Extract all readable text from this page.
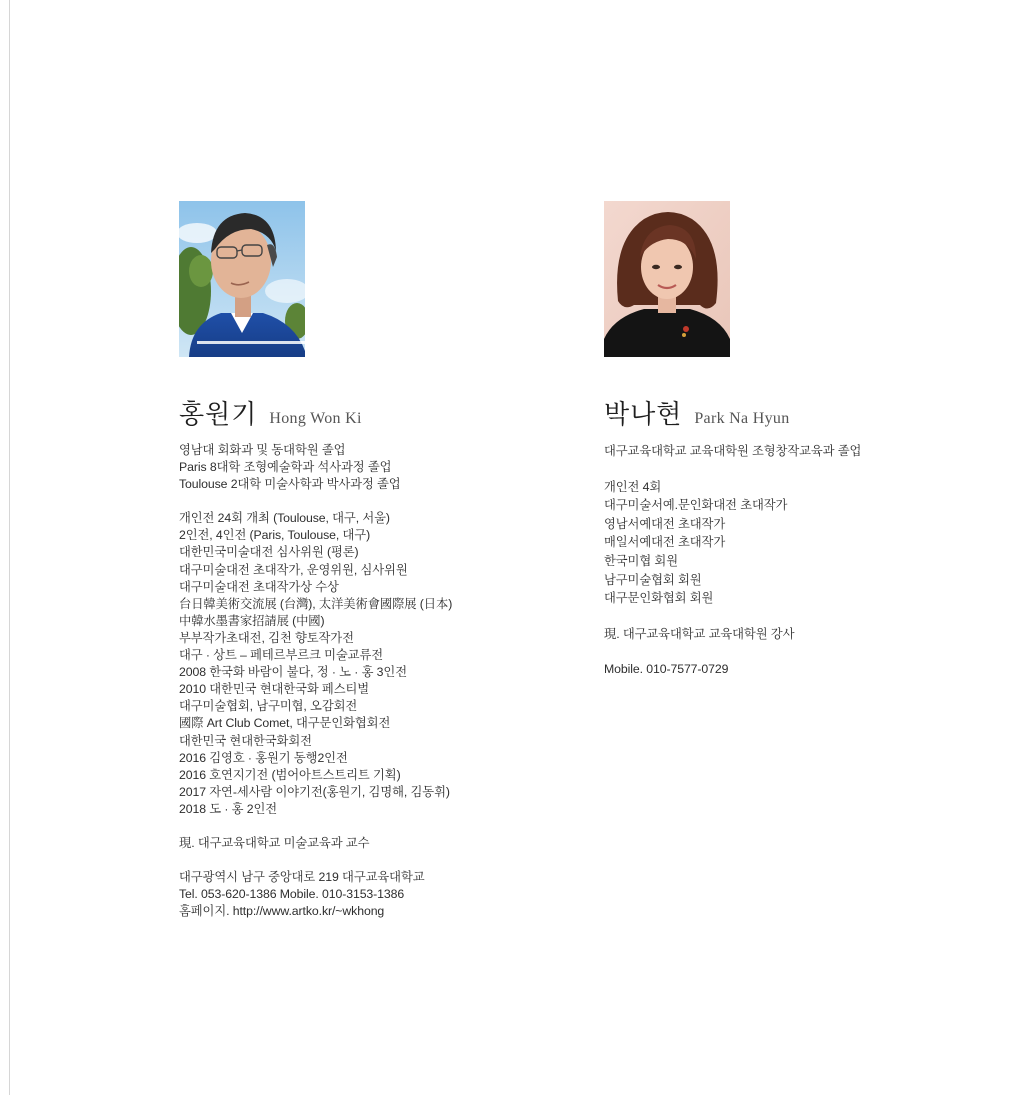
홍원기 Hong Won Ki
영남대 회화과 및 동대학원 졸업
Paris 8대학 조형예술학과 석사과정 졸업
Toulouse 2대학 미술사학과 박사과정 졸업
개인전 24회 개최 (Toulouse, 대구, 서울)
2인전, 4인전 (Paris, Toulouse, 대구)
대한민국미술대전 심사위원 (평론)
대구미술대전 초대작가, 운영위원, 심사위원
대구미술대전 초대작가상 수상
台日韓美術交流展 (台灣), 太洋美術會國際展 (日本)
中韓水墨書家招請展 (中國)
부부작가초대전, 김천 향토작가전
대구 · 상트 – 페테르부르크 미술교류전
2008 한국화 바람이 불다, 정 · 노 · 홍 3인전
2010 대한민국 현대한국화 페스티벌
대구미술협회, 남구미협, 오감회전
國際 Art Club Comet, 대구문인화협회전
대한민국 현대한국화회전
2016 김영호 · 홍원기 동행2인전
2016 호연지기전 (범어아트스트리트 기획)
2017 자연-세사람 이야기전(홍원기, 김명해, 김동휘)
2018 도 · 홍 2인전
現. 대구교육대학교 미술교육과 교수
대구광역시 남구 중앙대로 219 대구교육대학교
Tel. 053-620-1386 Mobile. 010-3153-1386
홈페이지. http://www.artko.kr/~wkhong
박나현 Park Na Hyun
대구교육대학교 교육대학원 조형창작교육과 졸업
개인전 4회
대구미술서예.문인화대전 초대작가
영남서예대전 초대작가
매일서예대전 초대작가
한국미협 회원
남구미술협회 회원
대구문인화협회 회원
現. 대구교육대학교 교육대학원 강사
Mobile. 010-7577-0729
